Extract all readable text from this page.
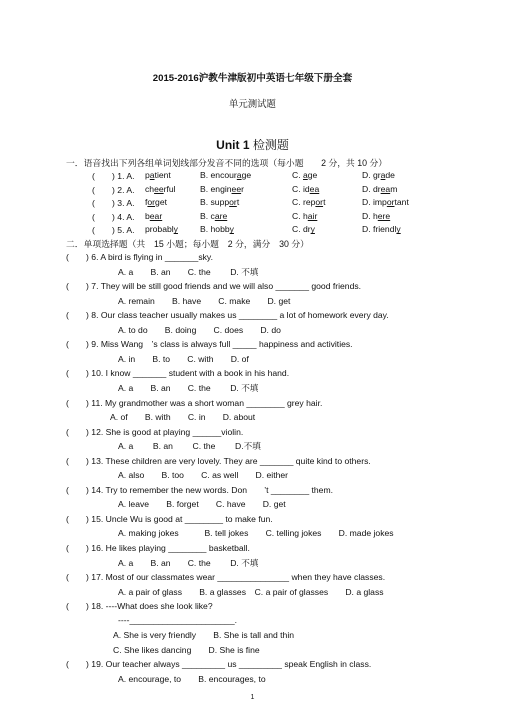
2015-2016沪教牛津版初中英语七年级下册全套
单元测试题
Unit 1 检测题
一．语音找出下列各组单词划线部分发音不同的选项（每小题　　2 分，共 10 分）
(　　) 1. A. patient	B. encourage	C. age	D. grade
(　　) 2. A. cheerful	B. engineer	C. idea	D. dream
(　　) 3. A. forget	B. support	C. report	D. important
(　　) 4. A. bear	B. care	C. hair	D. here
(　　) 5. A. probably	B. hobby	C. dry	D. friendly
二．单项选择题（共　15 小题；每小题　2 分，满分　30 分）
(　　) 6. A bird is flying in _______sky.
A. a　　B. an　　C. the　　 D. 不填
(　　) 7. They will be still good friends and we will also _______ good friends.
A. remain　　B. have　　C. make　　D. get
(　　) 8. Our class teacher usually makes us ________ a lot of homework every day.
A. to do　　B. doing　　C. does　　D. do
(　　) 9. Miss Wang　’s class is always full _____ happiness and activities.
A. in　　B. to　　C. with　　D. of
(　　) 10. I know _______ student with a book in his hand.
A. a　　B. an　　C. the　　 D. 不填
(　　) 11. My grandmother was a short woman ________ grey hair.
A. of　　B. with　　C. in　　D. about
(　　) 12. She is good at playing ______violin.
A. a　　 B. an　　 C. the　　 D.不填
(　　) 13. These children are very lovely. They are _______ quite kind to others.
A. also　　B. too　　C. as well　　D. either
(　　) 14. Try to remember the new words. Don　　’t ________ them.
A. leave　　B. forget　　C. have　　D. get
(　　) 15. Uncle Wu is good at ________ to make fun.
A. making jokes　　　B. tell jokes　　C. telling jokes　　D. made jokes
(　　) 16. He likes playing ________ basketball.
A. a　　B. an　　C. the　　 D. 不填
(　　) 17. Most of our classmates wear _______________ when they have classes.
A. a pair of glass　　B. a glasses　C. a pair of glasses　　D. a glass
(　　) 18. ----What does she look like?
----______________________.
A. She is very friendly　　B. She is tall and thin
C. She likes dancing　　D. She is fine
(　　) 19. Our teacher always _________ us _________ speak English in class.
A. encourage, to　　B. encourages, to
1
